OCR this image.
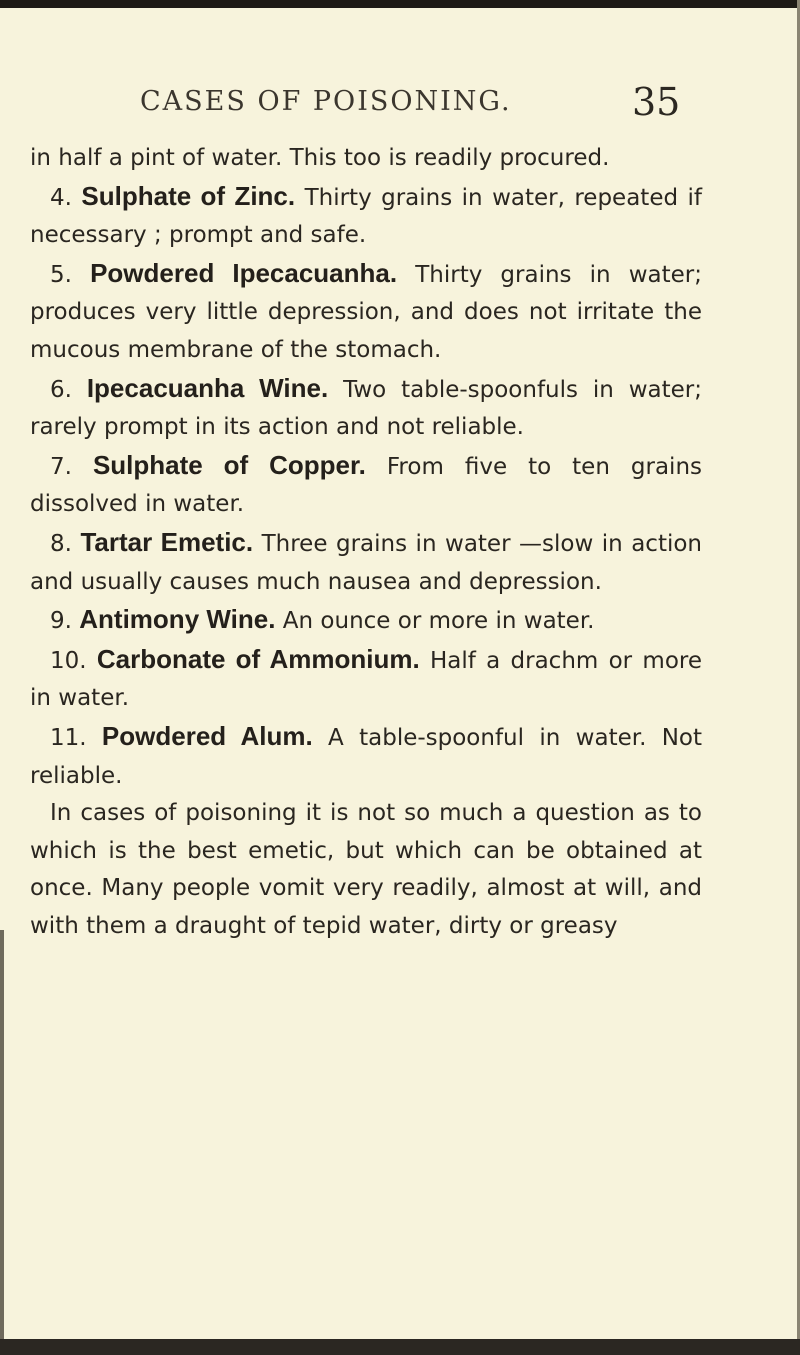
CASES OF POISONING.	35

in half a pint of water. This too is readily procured.

4. Sulphate of Zinc. Thirty grains in water, repeated if necessary ; prompt and safe.

5. Powdered Ipecacuanha. Thirty grains in water; produces very little depression, and does not irritate the mucous membrane of the stomach.

6. Ipecacuanha Wine. Two table-spoonfuls in water; rarely prompt in its action and not reliable.

7. Sulphate of Copper. From five to ten grains dissolved in water.

8. Tartar Emetic. Three grains in water —slow in action and usually causes much nausea and depression.

9. Antimony Wine. An ounce or more in water.

10. Carbonate of Ammonium. Half a drachm or more in water.

11. Powdered Alum. A table-spoonful in water. Not reliable.

In cases of poisoning it is not so much a question as to which is the best emetic, but which can be obtained at once. Many people vomit very readily, almost at will, and with them a draught of tepid water, dirty or greasy
